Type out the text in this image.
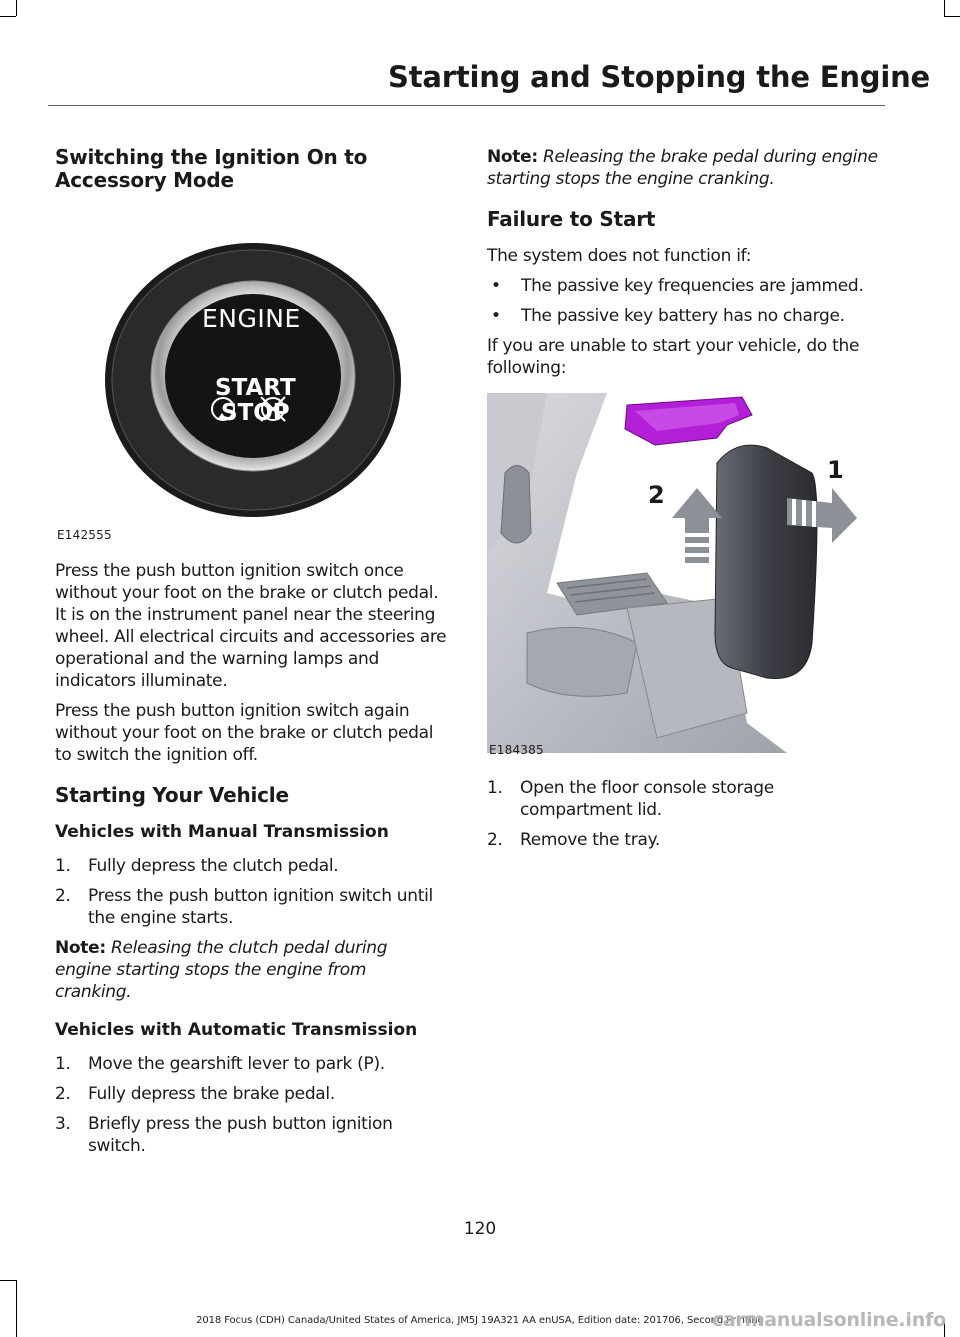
Starting and Stopping the Engine
Switching the Ignition On to Accessory Mode
ENGINE
START
STOP
E142555

Press the push button ignition switch once without your foot on the brake or clutch pedal. It is on the instrument panel near the steering wheel. All electrical circuits and accessories are operational and the warning lamps and indicators illuminate.

Press the push button ignition switch again without your foot on the brake or clutch pedal to switch the ignition off.

Starting Your Vehicle
Vehicles with Manual Transmission
1. Fully depress the clutch pedal.
2. Press the push button ignition switch until the engine starts.

Note: Releasing the clutch pedal during engine starting stops the engine from cranking.

Vehicles with Automatic Transmission
1. Move the gearshift lever to park (P).
2. Fully depress the brake pedal.
3. Briefly press the push button ignition switch.

Note: Releasing the brake pedal during engine starting stops the engine cranking.

Failure to Start

The system does not function if:

• The passive key frequencies are jammed.
• The passive key battery has no charge.

If you are unable to start your vehicle, do the following:

1
2
E184385
1. Open the floor console storage compartment lid.
2. Remove the tray.
120
2018 Focus (CDH) Canada/United States of America, JM5J 19A321 AA enUSA, Edition date: 201706, Second Printing
carmanualsonline.info
